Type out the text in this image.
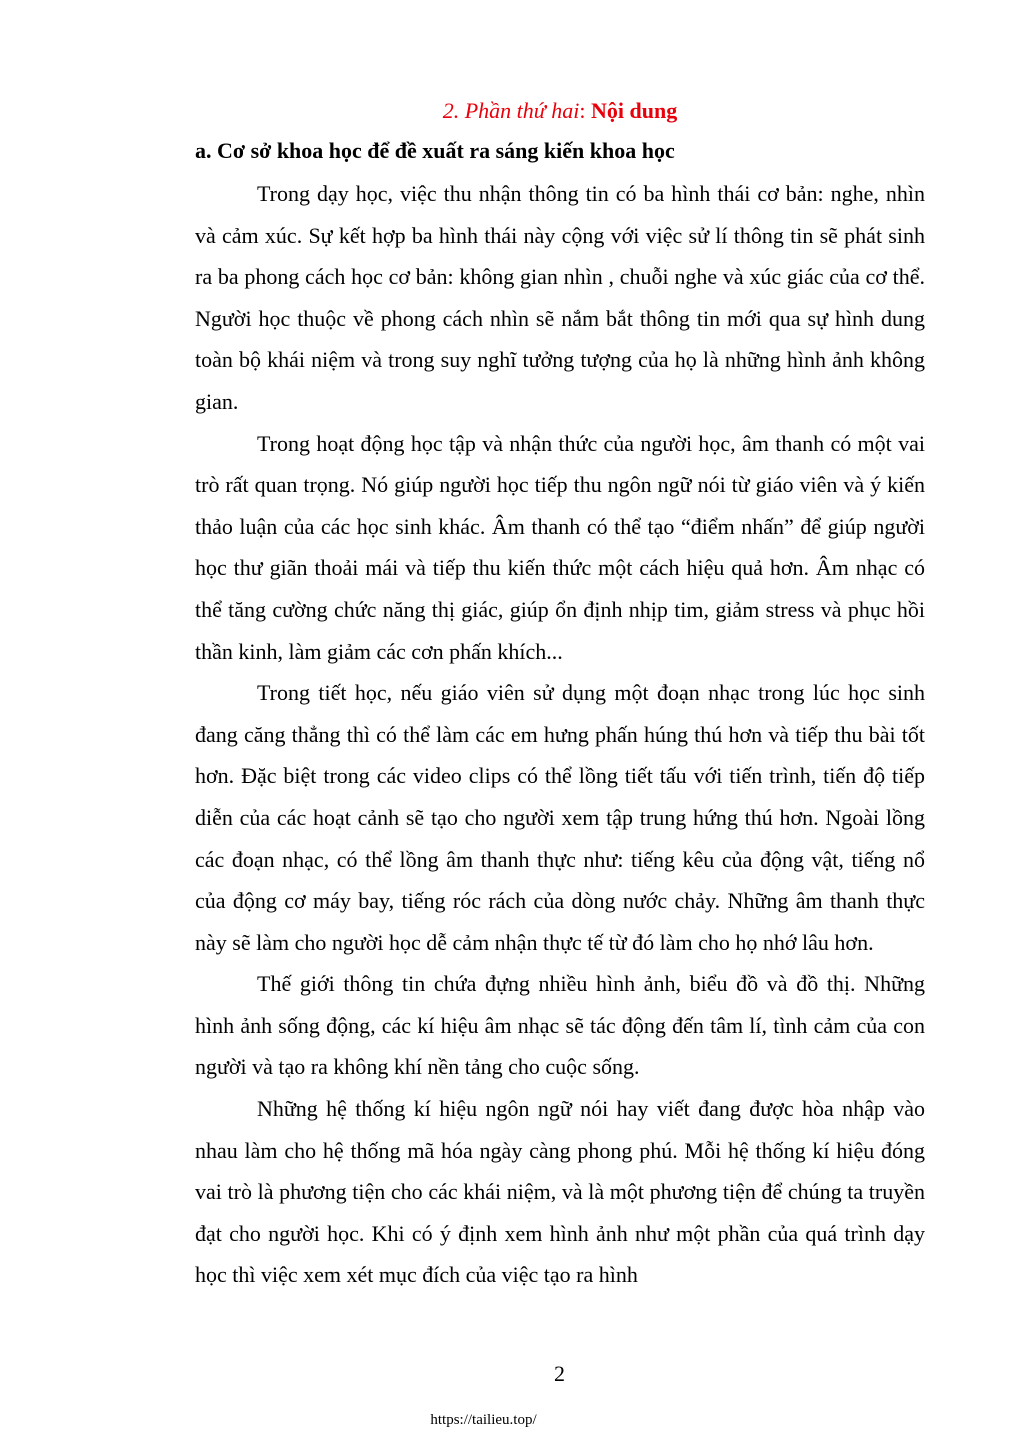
2. Phần thứ hai: Nội dung

a. Cơ sở khoa học để đề xuất ra sáng kiến khoa học

Trong dạy học, việc thu nhận thông tin có ba hình thái cơ bản: nghe, nhìn và cảm xúc. Sự kết hợp ba hình thái này cộng với việc sử lí thông tin sẽ phát sinh ra ba phong cách học cơ bản: không gian nhìn , chuỗi nghe và xúc giác của cơ thể. Người học thuộc về phong cách nhìn sẽ nắm bắt thông tin mới qua sự hình dung toàn bộ khái niệm và trong suy nghĩ tưởng tượng của họ là những hình ảnh không gian.

Trong hoạt động học tập và nhận thức của người học, âm thanh có một vai trò rất quan trọng. Nó giúp người học tiếp thu ngôn ngữ nói từ giáo viên và ý kiến thảo luận của các học sinh khác. Âm thanh có thể tạo “điểm nhấn” để giúp người học thư giãn thoải mái và tiếp thu kiến thức một cách hiệu quả hơn. Âm nhạc có thể tăng cường chức năng thị giác, giúp ổn định nhịp tim, giảm stress và phục hồi thần kinh, làm giảm các cơn phấn khích...

Trong tiết học, nếu giáo viên sử dụng một đoạn nhạc trong lúc học sinh đang căng thẳng thì có thể làm các em hưng phấn húng thú hơn và tiếp thu bài tốt hơn. Đặc biệt trong các video clips có thể lồng tiết tấu với tiến trình, tiến độ tiếp diễn của các hoạt cảnh sẽ tạo cho người xem tập trung hứng thú hơn. Ngoài lồng các đoạn nhạc, có thể lồng âm thanh thực như: tiếng kêu của động vật, tiếng nổ của động cơ máy bay, tiếng róc rách của dòng nước chảy. Những âm thanh thực này sẽ làm cho người học dễ cảm nhận thực tế từ đó làm cho họ nhớ lâu hơn.

Thế giới thông tin chứa đựng nhiều hình ảnh, biểu đồ và đồ thị. Những hình ảnh sống động, các kí hiệu âm nhạc sẽ tác động đến tâm lí, tình cảm của con người và tạo ra không khí nền tảng cho cuộc sống.

Những hệ thống kí hiệu ngôn ngữ nói hay viết đang được hòa nhập vào nhau làm cho hệ thống mã hóa ngày càng phong phú. Mỗi hệ thống kí hiệu đóng vai trò là phương tiện cho các khái niệm, và là một phương tiện để chúng ta truyền đạt cho người học. Khi có ý định xem hình ảnh như một phần của quá trình dạy học thì việc xem xét mục đích của việc tạo ra hình

2
https://tailieu.top/
